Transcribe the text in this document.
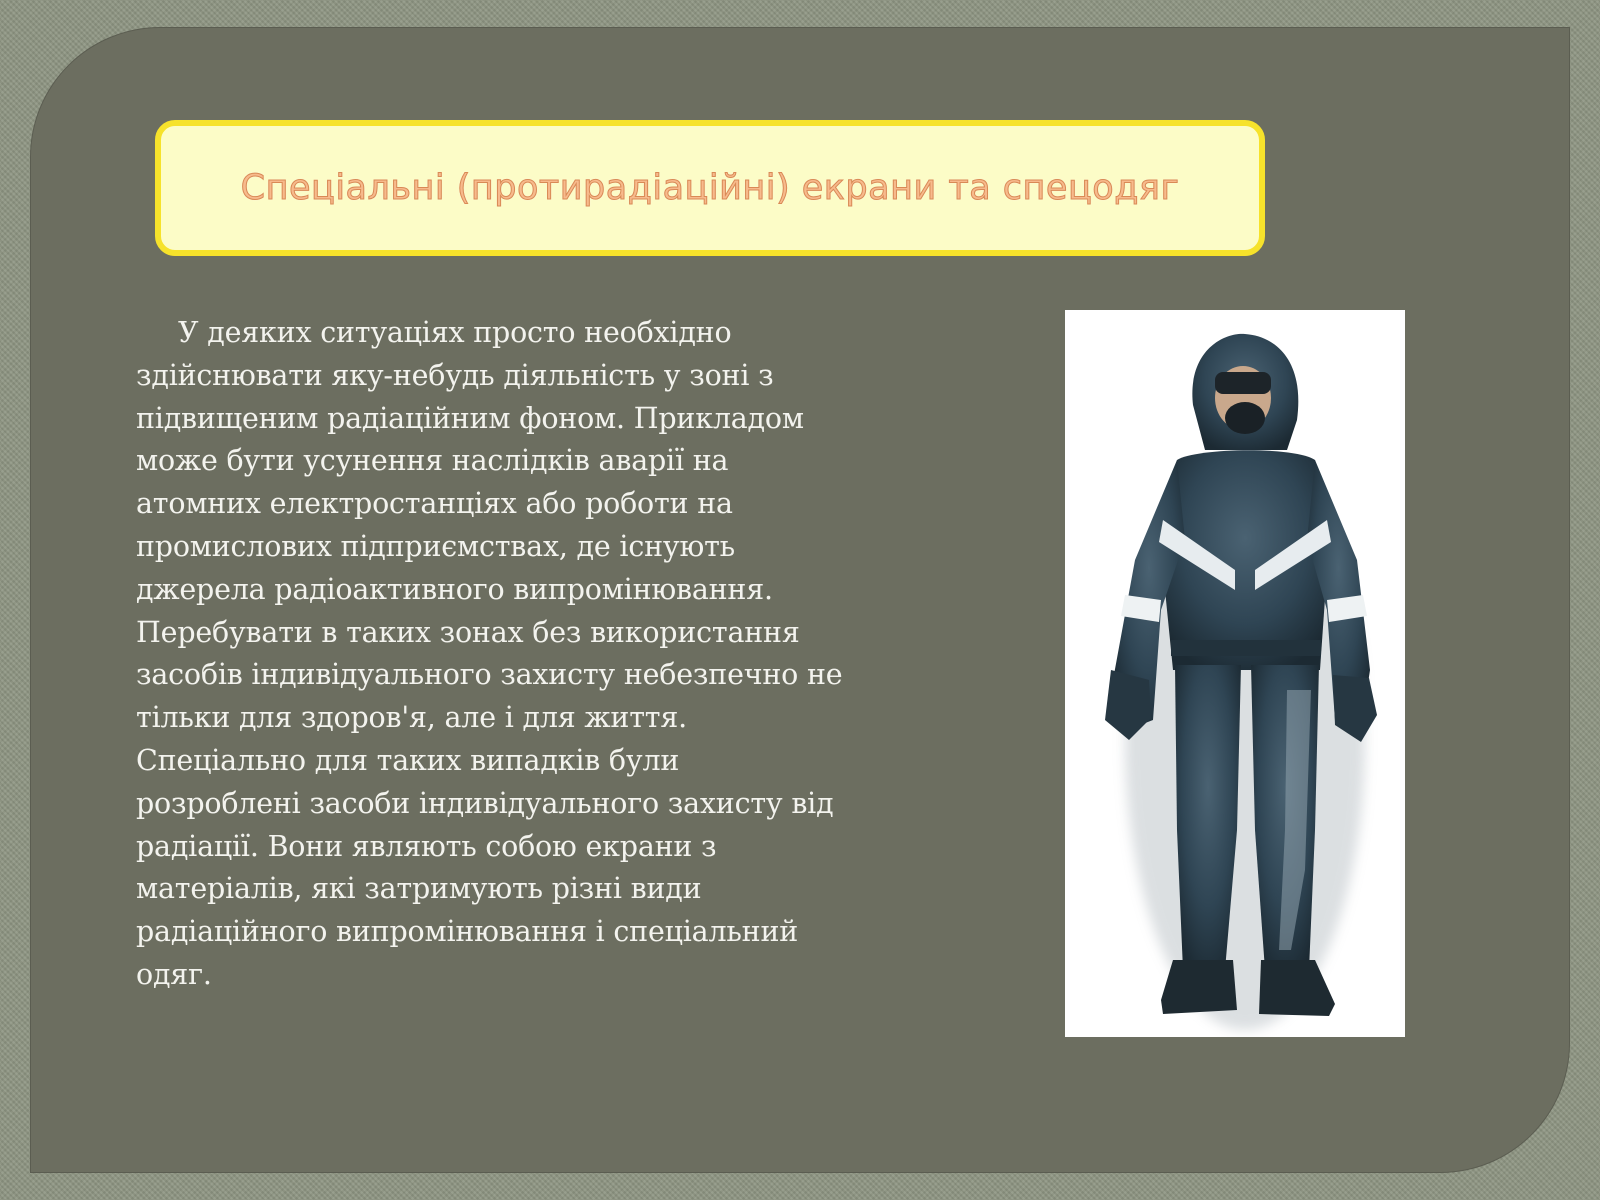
Спеціальні (протирадіаційні) екрани та спецодяг

У деяких ситуаціях просто необхідно здійснювати яку-небудь діяльність у зоні з підвищеним радіаційним фоном. Прикладом може бути усунення наслідків аварії на атомних електростанціях або роботи на промислових підприємствах, де існують джерела радіоактивного випромінювання. Перебувати в таких зонах без використання засобів індивідуального захисту небезпечно не тільки для здоров'я, але і для життя. Спеціально для таких випадків були розроблені засоби індивідуального захисту від радіації. Вони являють собою екрани з матеріалів, які затримують різні види радіаційного випромінювання і спеціальний одяг.
